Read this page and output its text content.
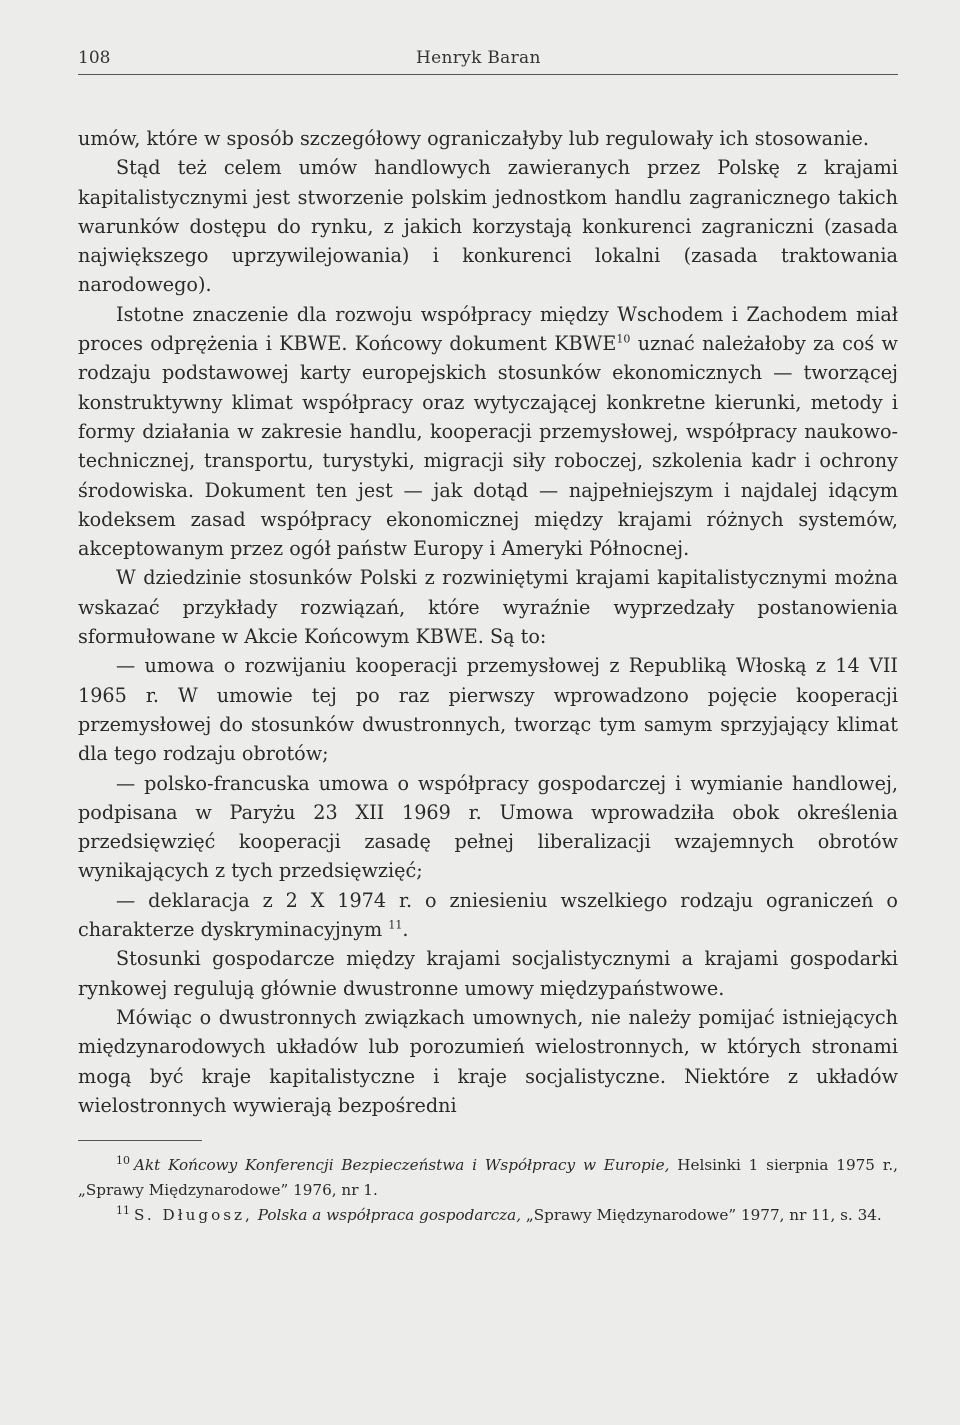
108	Henryk Baran

umów, które w sposób szczegółowy ograniczałyby lub regulowały ich stosowanie.

Stąd też celem umów handlowych zawieranych przez Polskę z krajami kapitalistycznymi jest stworzenie polskim jednostkom handlu zagranicznego takich warunków dostępu do rynku, z jakich korzystają konkurenci zagraniczni (zasada największego uprzywilejowania) i konkurenci lokalni (zasada traktowania narodowego).

Istotne znaczenie dla rozwoju współpracy między Wschodem i Zachodem miał proces odprężenia i KBWE. Końcowy dokument KBWE$^{10}$ uznać należałoby za coś w rodzaju podstawowej karty europejskich stosunków ekonomicznych — tworzącej konstruktywny klimat współpracy oraz wytyczającej konkretne kierunki, metody i formy działania w zakresie handlu, kooperacji przemysłowej, współpracy naukowo-technicznej, transportu, turystyki, migracji siły roboczej, szkolenia kadr i ochrony środowiska. Dokument ten jest — jak dotąd — najpełniejszym i najdalej idącym kodeksem zasad współpracy ekonomicznej między krajami różnych systemów, akceptowanym przez ogół państw Europy i Ameryki Północnej.

W dziedzinie stosunków Polski z rozwiniętymi krajami kapitalistycznymi można wskazać przykłady rozwiązań, które wyraźnie wyprzedzały postanowienia sformułowane w Akcie Końcowym KBWE. Są to:

— umowa o rozwijaniu kooperacji przemysłowej z Republiką Włoską z 14 VII 1965 r. W umowie tej po raz pierwszy wprowadzono pojęcie kooperacji przemysłowej do stosunków dwustronnych, tworząc tym samym sprzyjający klimat dla tego rodzaju obrotów;

— polsko-francuska umowa o współpracy gospodarczej i wymianie handlowej, podpisana w Paryżu 23 XII 1969 r. Umowa wprowadziła obok określenia przedsięwzięć kooperacji zasadę pełnej liberalizacji wzajemnych obrotów wynikających z tych przedsięwzięć;

— deklaracja z 2 X 1974 r. o zniesieniu wszelkiego rodzaju ograniczeń o charakterze dyskryminacyjnym $^{11}$.

Stosunki gospodarcze między krajami socjalistycznymi a krajami gospodarki rynkowej regulują głównie dwustronne umowy międzypaństwowe.

Mówiąc o dwustronnych związkach umownych, nie należy pomijać istniejących międzynarodowych układów lub porozumień wielostronnych, w których stronami mogą być kraje kapitalistyczne i kraje socjalistyczne. Niektóre z układów wielostronnych wywierają bezpośredni

$^{10}$ Akt Końcowy Konferencji Bezpieczeństwa i Współpracy w Europie, Helsinki 1 sierpnia 1975 r., „Sprawy Międzynarodowe” 1976, nr 1.

$^{11}$ S. Długosz, Polska a współpraca gospodarcza, „Sprawy Międzynarodowe” 1977, nr 11, s. 34.
